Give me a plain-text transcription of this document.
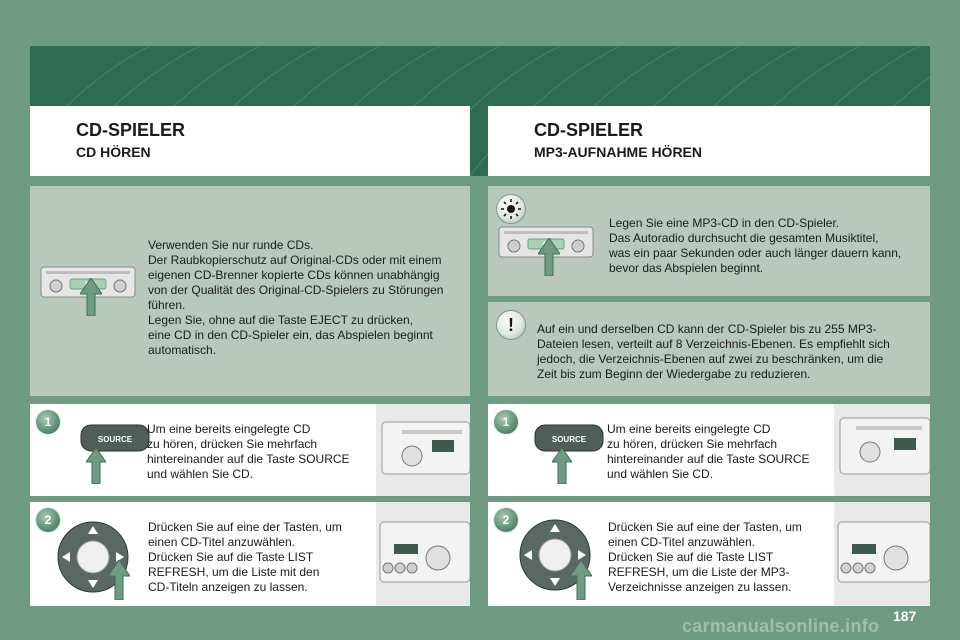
CD-SPIELER
CD HÖREN
CD-SPIELER
MP3-AUFNAHME HÖREN
Verwenden Sie nur runde CDs.
Der Raubkopierschutz auf Original-CDs oder mit einem
eigenen CD-Brenner kopierte CDs können unabhängig
von der Qualität des Original-CD-Spielers zu Störungen
führen.
Legen Sie, ohne auf die Taste EJECT zu drücken,
eine CD in den CD-Spieler ein, das Abspielen beginnt
automatisch.
1
SOURCE
Um eine bereits eingelegte CD
zu hören, drücken Sie mehrfach
hintereinander auf die Taste SOURCE
und wählen Sie CD.
2	Drücken Sie auf eine der Tasten, um
einen CD-Titel anzuwählen.
Drücken Sie auf die Taste LIST
REFRESH, um die Liste mit den
CD-Titeln anzeigen zu lassen.
Legen Sie eine MP3-CD in den CD-Spieler.
Das Autoradio durchsucht die gesamten Musiktitel,
was ein paar Sekunden oder auch länger dauern kann,
bevor das Abspielen beginnt.
!	Auf ein und derselben CD kann der CD-Spieler bis zu 255 MP3-
Dateien lesen, verteilt auf 8 Verzeichnis-Ebenen. Es empfiehlt sich
jedoch, die Verzeichnis-Ebenen auf zwei zu beschränken, um die
Zeit bis zum Beginn der Wiedergabe zu reduzieren.
1
SOURCE
Um eine bereits eingelegte CD
zu hören, drücken Sie mehrfach
hintereinander auf die Taste SOURCE
und wählen Sie CD.
2	Drücken Sie auf eine der Tasten, um
einen CD-Titel anzuwählen.
Drücken Sie auf die Taste LIST
REFRESH, um die Liste der MP3-
Verzeichnisse anzeigen zu lassen.
carmanualsonline.info 187
